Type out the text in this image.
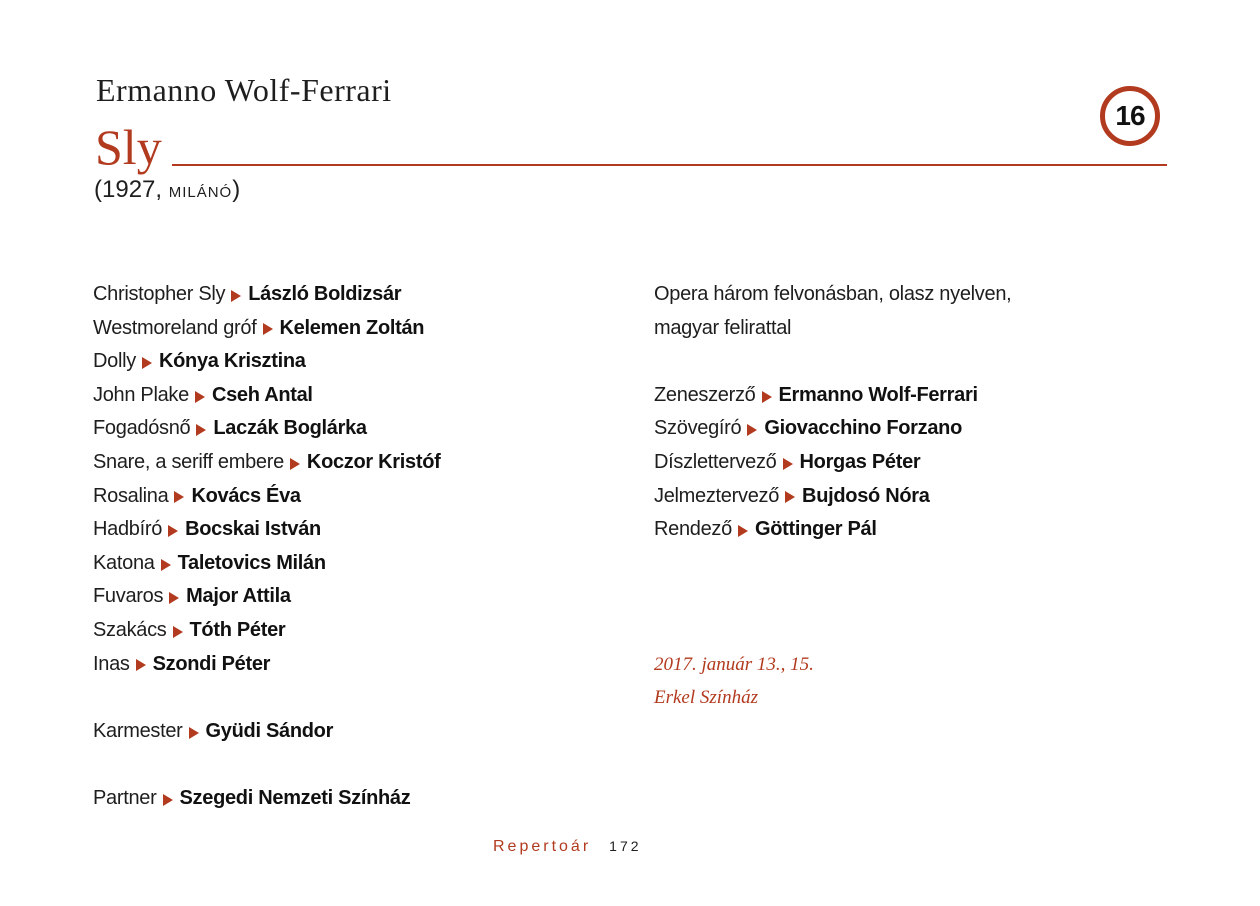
Ermanno Wolf-Ferrari
Sly
16
(1927, MILÁNÓ)
Christopher Sly László Boldizsár
Westmoreland gróf Kelemen Zoltán
Dolly Kónya Krisztina
John Plake Cseh Antal
Fogadósnő Laczák Boglárka
Snare, a seriff embere Koczor Kristóf
Rosalina Kovács Éva
Hadbíró Bocskai István
Katona Taletovics Milán
Fuvaros Major Attila
Szakács Tóth Péter
Inas Szondi Péter
Karmester Gyüdi Sándor
Partner Szegedi Nemzeti Színház
Opera három felvonásban, olasz nyelven,
magyar felirattal
Zeneszerző Ermanno Wolf-Ferrari
Szövegíró Giovacchino Forzano
Díszlettervező Horgas Péter
Jelmeztervező Bujdosó Nóra
Rendező Göttinger Pál
2017. január 13., 15.
Erkel Színház
Repertoár 172
